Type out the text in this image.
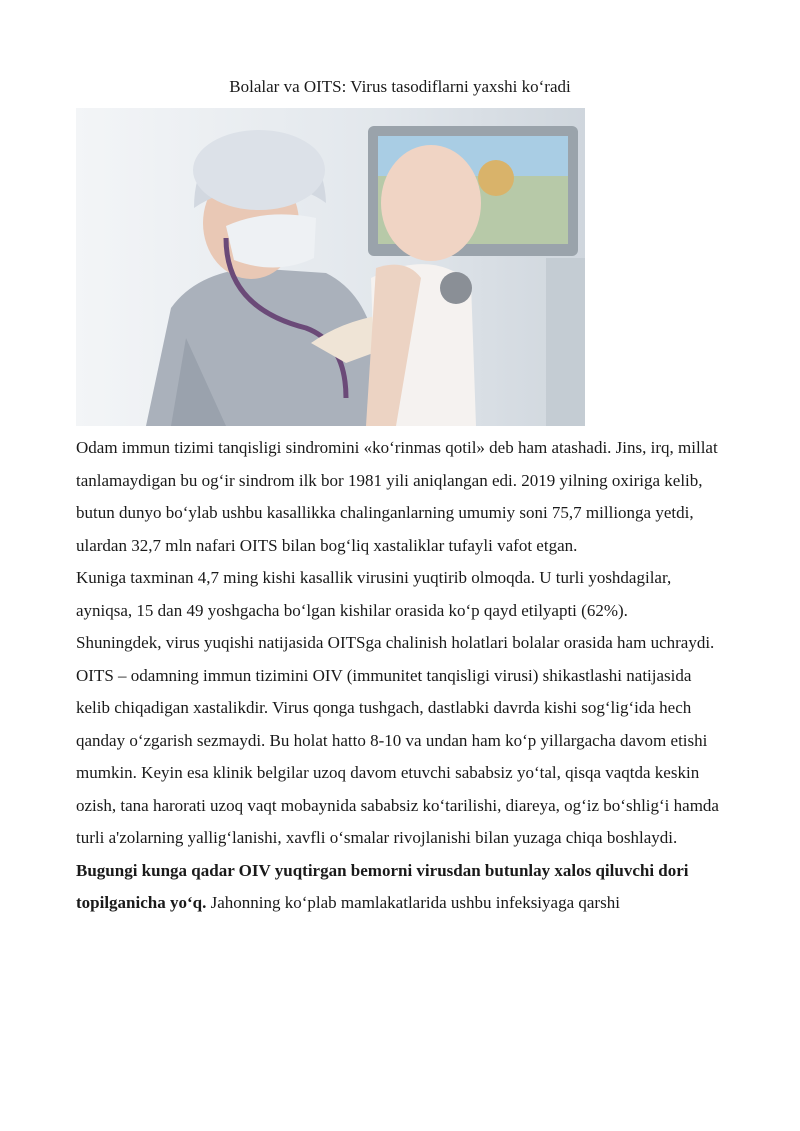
Bolalar va OITS: Virus tasodiflarni yaxshi koʻradi

Odam immun tizimi tanqisligi sindromini «koʻrinmas qotil» deb ham atashadi. Jins, irq, millat tanlamaydigan bu ogʻir sindrom ilk bor 1981 yili aniqlangan edi. 2019 yilning oxiriga kelib, butun dunyo boʻylab ushbu kasallikka chalinganlarning umumiy soni 75,7 millionga yetdi, ulardan 32,7 mln nafari OITS bilan bogʻliq xastaliklar tufayli vafot etgan.

Kuniga taxminan 4,7 ming kishi kasallik virusini yuqtirib olmoqda. U turli yoshdagilar, ayniqsa, 15 dan 49 yoshgacha boʻlgan kishilar orasida koʻp qayd etilyapti (62%).

Shuningdek, virus yuqishi natijasida OITSga chalinish holatlari bolalar orasida ham uchraydi.

OITS – odamning immun tizimini OIV (immunitet tanqisligi virusi) shikastlashi natijasida kelib chiqadigan xastalikdir. Virus qonga tushgach, dastlabki davrda kishi sogʻligʻida hech qanday oʻzgarish sezmaydi. Bu holat hatto 8-10 va undan ham koʻp yillargacha davom etishi mumkin. Keyin esa klinik belgilar uzoq davom etuvchi sababsiz yoʻtal, qisqa vaqtda keskin ozish, tana harorati uzoq vaqt mobaynida sababsiz koʻtarilishi, diareya, ogʻiz boʻshligʻi hamda turli a'zolarning yalligʻlanishi, xavfli oʻsmalar rivojlanishi bilan yuzaga chiqa boshlaydi.

Bugungi kunga qadar OIV yuqtirgan bemorni virusdan butunlay xalos qiluvchi dori topilganicha yoʻq. Jahonning koʻplab mamlakatlarida ushbu infeksiyaga qarshi
